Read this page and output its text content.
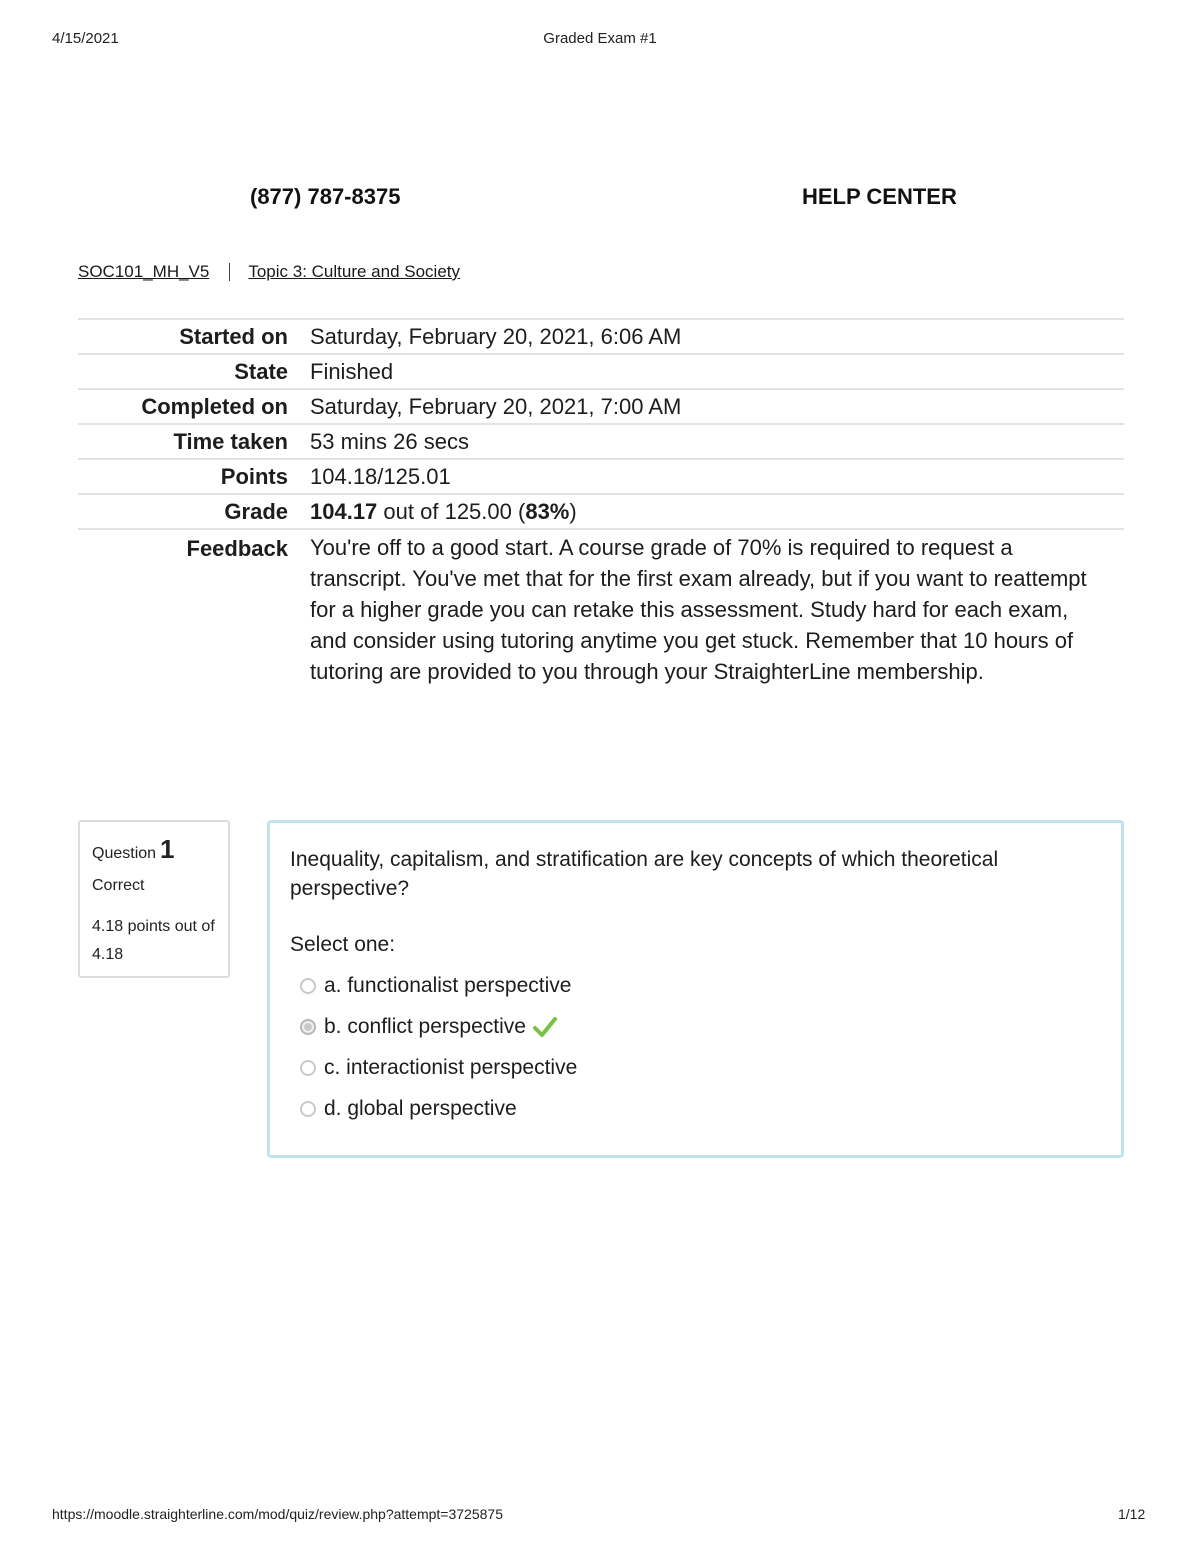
4/15/2021	Graded Exam #1
(877) 787-8375	HELP CENTER
SOC101_MH_V5 Topic 3: Culture and Society
Started on	Saturday, February 20, 2021, 6:06 AM
State	Finished
Completed on	Saturday, February 20, 2021, 7:00 AM
Time taken	53 mins 26 secs
Points	104.18/125.01
Grade	104.17 out of 125.00 (83%)
Feedback	You're off to a good start. A course grade of 70% is required to request a transcript. You've met that for the first exam already, but if you want to reattempt for a higher grade you can retake this assessment. Study hard for each exam, and consider using tutoring anytime you get stuck. Remember that 10 hours of tutoring are provided to you through your StraighterLine membership.
Question 1
Correct
4.18 points out of 4.18
Inequality, capitalism, and stratification are key concepts of which theoretical perspective?
Select one:
a. functionalist perspective
b. conflict perspective
c. interactionist perspective
d. global perspective
https://moodle.straighterline.com/mod/quiz/review.php?attempt=3725875	1/12
